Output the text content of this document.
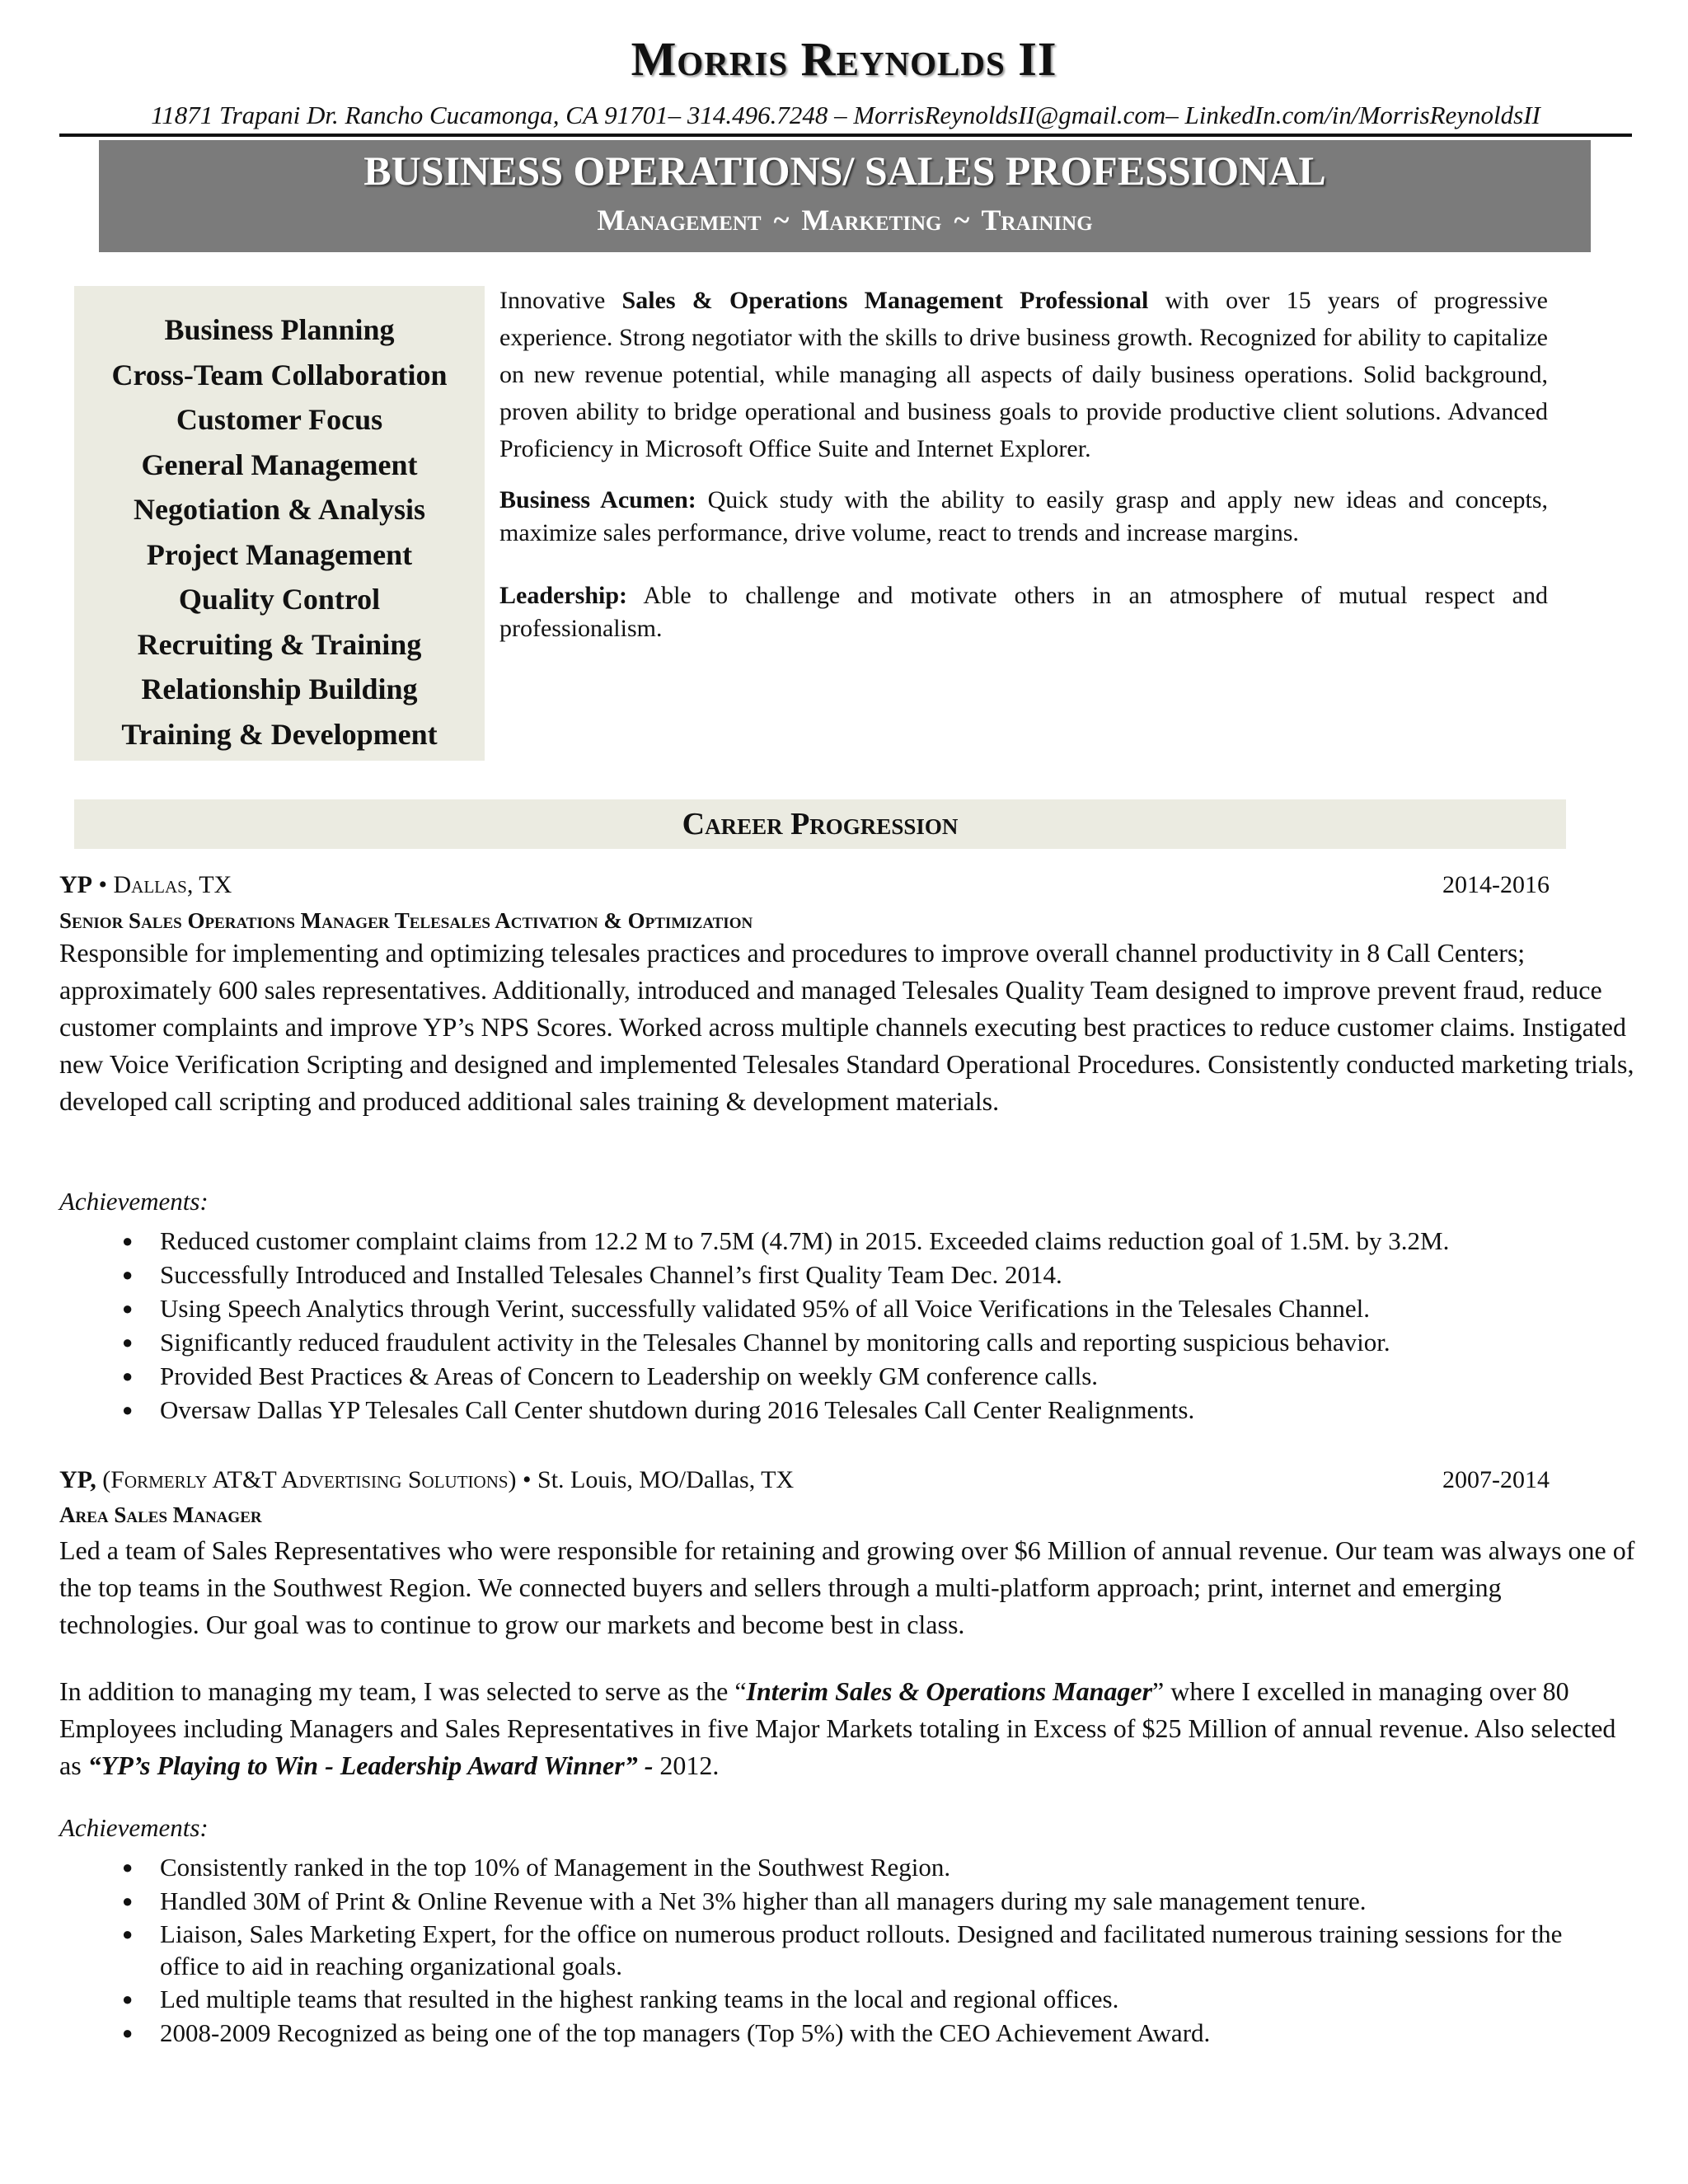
Morris Reynolds II
11871 Trapani Dr. Rancho Cucamonga, CA 91701– 314.496.7248 – MorrisReynoldsII@gmail.com– LinkedIn.com/in/MorrisReynoldsII
BUSINESS OPERATIONS/ SALES PROFESSIONAL
Management ~ Marketing ~ Training
Business Planning
Cross-Team Collaboration
Customer Focus
General Management
Negotiation & Analysis
Project Management
Quality Control
Recruiting & Training
Relationship Building
Training & Development

Innovative Sales & Operations Management Professional with over 15 years of progressive experience. Strong negotiator with the skills to drive business growth. Recognized for ability to capitalize on new revenue potential, while managing all aspects of daily business operations. Solid background, proven ability to bridge operational and business goals to provide productive client solutions. Advanced Proficiency in Microsoft Office Suite and Internet Explorer.

Business Acumen: Quick study with the ability to easily grasp and apply new ideas and concepts, maximize sales performance, drive volume, react to trends and increase margins.

Leadership: Able to challenge and motivate others in an atmosphere of mutual respect and professionalism.

Career Progression
YP • Dallas, TX	2014-2016
Senior Sales Operations Manager Telesales Activation & Optimization
Responsible for implementing and optimizing telesales practices and procedures to improve overall channel productivity in 8 Call Centers; approximately 600 sales representatives. Additionally, introduced and managed Telesales Quality Team designed to improve prevent fraud, reduce customer complaints and improve YP’s NPS Scores. Worked across multiple channels executing best practices to reduce customer claims. Instigated new Voice Verification Scripting and designed and implemented Telesales Standard Operational Procedures. Consistently conducted marketing trials, developed call scripting and produced additional sales training & development materials.
Achievements:
● Reduced customer complaint claims from 12.2 M to 7.5M (4.7M) in 2015. Exceeded claims reduction goal of 1.5M. by 3.2M.
● Successfully Introduced and Installed Telesales Channel’s first Quality Team Dec. 2014.
● Using Speech Analytics through Verint, successfully validated 95% of all Voice Verifications in the Telesales Channel.
● Significantly reduced fraudulent activity in the Telesales Channel by monitoring calls and reporting suspicious behavior.
● Provided Best Practices & Areas of Concern to Leadership on weekly GM conference calls.
● Oversaw Dallas YP Telesales Call Center shutdown during 2016 Telesales Call Center Realignments.
YP, (Formerly AT&T Advertising Solutions) • St. Louis, MO/Dallas, TX	2007-2014
Area Sales Manager
Led a team of Sales Representatives who were responsible for retaining and growing over $6 Million of annual revenue. Our team was always one of the top teams in the Southwest Region. We connected buyers and sellers through a multi-platform approach; print, internet and emerging technologies. Our goal was to continue to grow our markets and become best in class.
In addition to managing my team, I was selected to serve as the “Interim Sales & Operations Manager” where I excelled in managing over 80 Employees including Managers and Sales Representatives in five Major Markets totaling in Excess of $25 Million of annual revenue. Also selected as “YP’s Playing to Win - Leadership Award Winner” - 2012.
Achievements:
● Consistently ranked in the top 10% of Management in the Southwest Region.
● Handled 30M of Print & Online Revenue with a Net 3% higher than all managers during my sale management tenure.
● Liaison, Sales Marketing Expert, for the office on numerous product rollouts. Designed and facilitated numerous training sessions for the office to aid in reaching organizational goals.
● Led multiple teams that resulted in the highest ranking teams in the local and regional offices.
● 2008-2009 Recognized as being one of the top managers (Top 5%) with the CEO Achievement Award.
